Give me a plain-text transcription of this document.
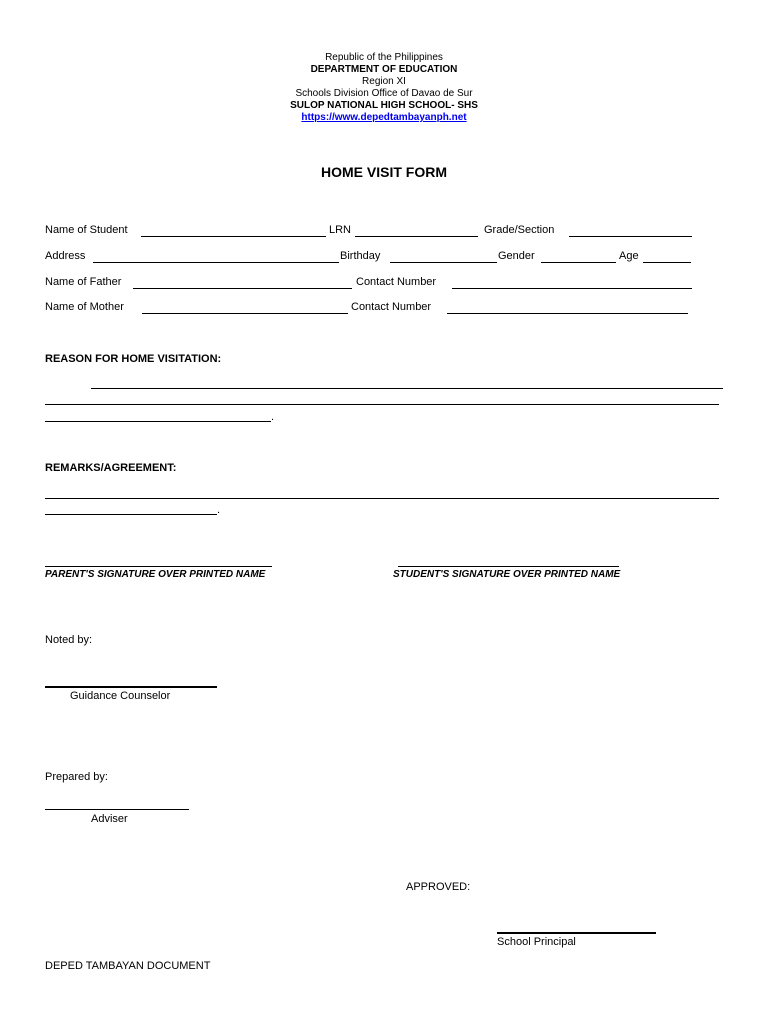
Republic of the Philippines
DEPARTMENT OF EDUCATION
Region XI
Schools Division Office of Davao de Sur
SULOP NATIONAL HIGH SCHOOL- SHS
https://www.depedtambayanph.net
HOME VISIT FORM
Name of Student	LRN	Grade/Section
Address	Birthday	Gender	Age
Name of Father	Contact Number
Name of Mother	Contact Number
REASON FOR HOME VISITATION:
.
REMARKS/AGREEMENT:
.
PARENT'S SIGNATURE OVER PRINTED NAME	STUDENT'S SIGNATURE OVER PRINTED NAME
Noted by:
Guidance Counselor
Prepared by:
Adviser
APPROVED:
School Principal
DEPED TAMBAYAN DOCUMENT
